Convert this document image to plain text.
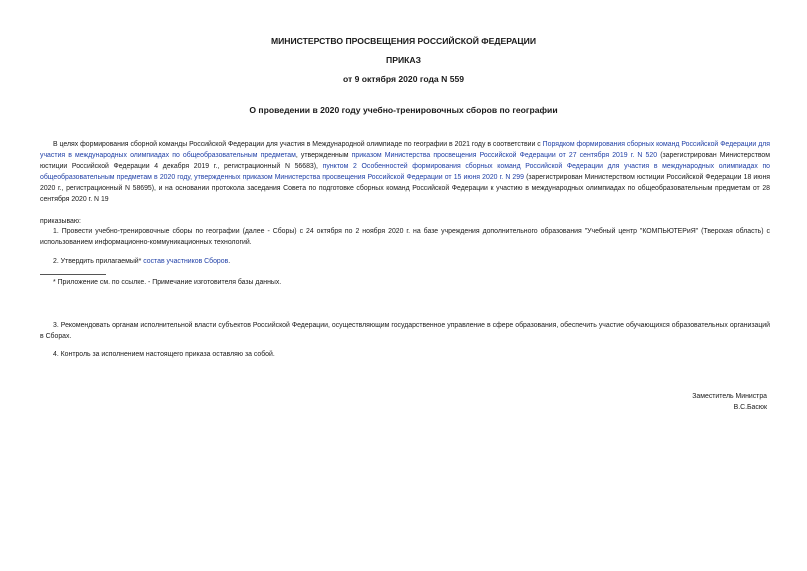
МИНИСТЕРСТВО ПРОСВЕЩЕНИЯ РОССИЙСКОЙ ФЕДЕРАЦИИ
ПРИКАЗ
от 9 октября 2020 года N 559
О проведении в 2020 году учебно-тренировочных сборов по географии
В целях формирования сборной команды Российской Федерации для участия в Международной олимпиаде по географии в 2021 году в соответствии с Порядком формирования сборных команд Российской Федерации для участия в международных олимпиадах по общеобразовательным предметам, утвержденным приказом Министерства просвещения Российской Федерации от 27 сентября 2019 г. N 520 (зарегистрирован Министерством юстиции Российской Федерации 4 декабря 2019 г., регистрационный N 56683), пунктом 2 Особенностей формирования сборных команд Российской Федерации для участия в международных олимпиадах по общеобразовательным предметам в 2020 году, утвержденных приказом Министерства просвещения Российской Федерации от 15 июня 2020 г. N 299 (зарегистрирован Министерством юстиции Российской Федерации 18 июня 2020 г., регистрационный N 58695), и на основании протокола заседания Совета по подготовке сборных команд Российской Федерации к участию в международных олимпиадах по общеобразовательным предметам от 28 сентября 2020 г. N 19
приказываю:
1. Провести учебно-тренировочные сборы по географии (далее - Сборы) с 24 октября по 2 ноября 2020 г. на базе учреждения дополнительного образования "Учебный центр "КОМПЬЮТЕРиЯ" (Тверская область) с использованием информационно-коммуникационных технологий.
2. Утвердить прилагаемый* состав участников Сборов.
* Приложение см. по ссылке. - Примечание изготовителя базы данных.
3. Рекомендовать органам исполнительной власти субъектов Российской Федерации, осуществляющим государственное управление в сфере образования, обеспечить участие обучающихся образовательных организаций в Сборах.
4. Контроль за исполнением настоящего приказа оставляю за собой.
Заместитель Министра
В.С.Басюк
